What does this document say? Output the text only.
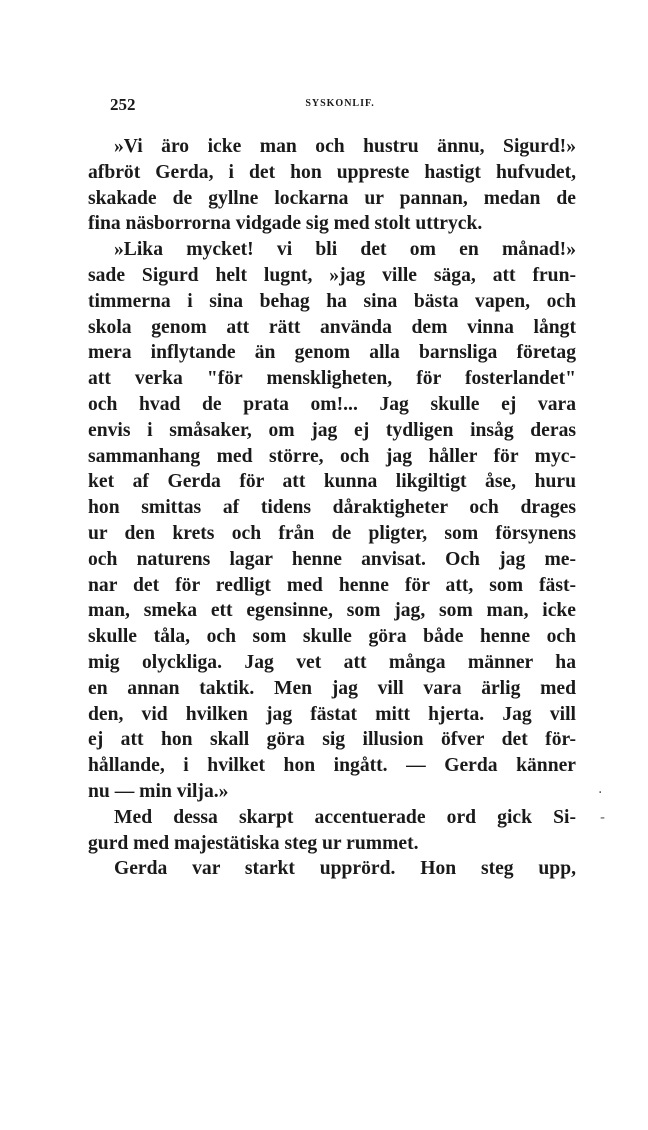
252	SYSKONLIF.
»Vi äro icke man och hustru ännu, Sigurd!»
afbröt Gerda, i det hon uppreste hastigt hufvudet,
skakade de gyllne lockarna ur pannan, medan de
fina näsborrorna vidgade sig med stolt uttryck.
»Lika mycket! vi bli det om en månad!»
sade Sigurd helt lugnt, »jag ville säga, att frun-
timmerna i sina behag ha sina bästa vapen, och
skola genom att rätt använda dem vinna långt
mera inflytande än genom alla barnsliga företag
att verka "för menskligheten, för fosterlandet"
och hvad de prata om!... Jag skulle ej vara
envis i småsaker, om jag ej tydligen insåg deras
sammanhang med större, och jag håller för myc-
ket af Gerda för att kunna likgiltigt åse, huru
hon smittas af tidens dåraktigheter och drages
ur den krets och från de pligter, som försynens
och naturens lagar henne anvisat. Och jag me-
nar det för redligt med henne för att, som fäst-
man, smeka ett egensinne, som jag, som man, icke
skulle tåla, och som skulle göra både henne och
mig olyckliga. Jag vet att många männer ha
en annan taktik. Men jag vill vara ärlig med
den, vid hvilken jag fästat mitt hjerta. Jag vill
ej att hon skall göra sig illusion öfver det för-
hållande, i hvilket hon ingått. — Gerda känner
nu — min vilja.»
Med dessa skarpt accentuerade ord gick Si-
gurd med majestätiska steg ur rummet.
Gerda var starkt upprörd. Hon steg upp,
·
-
